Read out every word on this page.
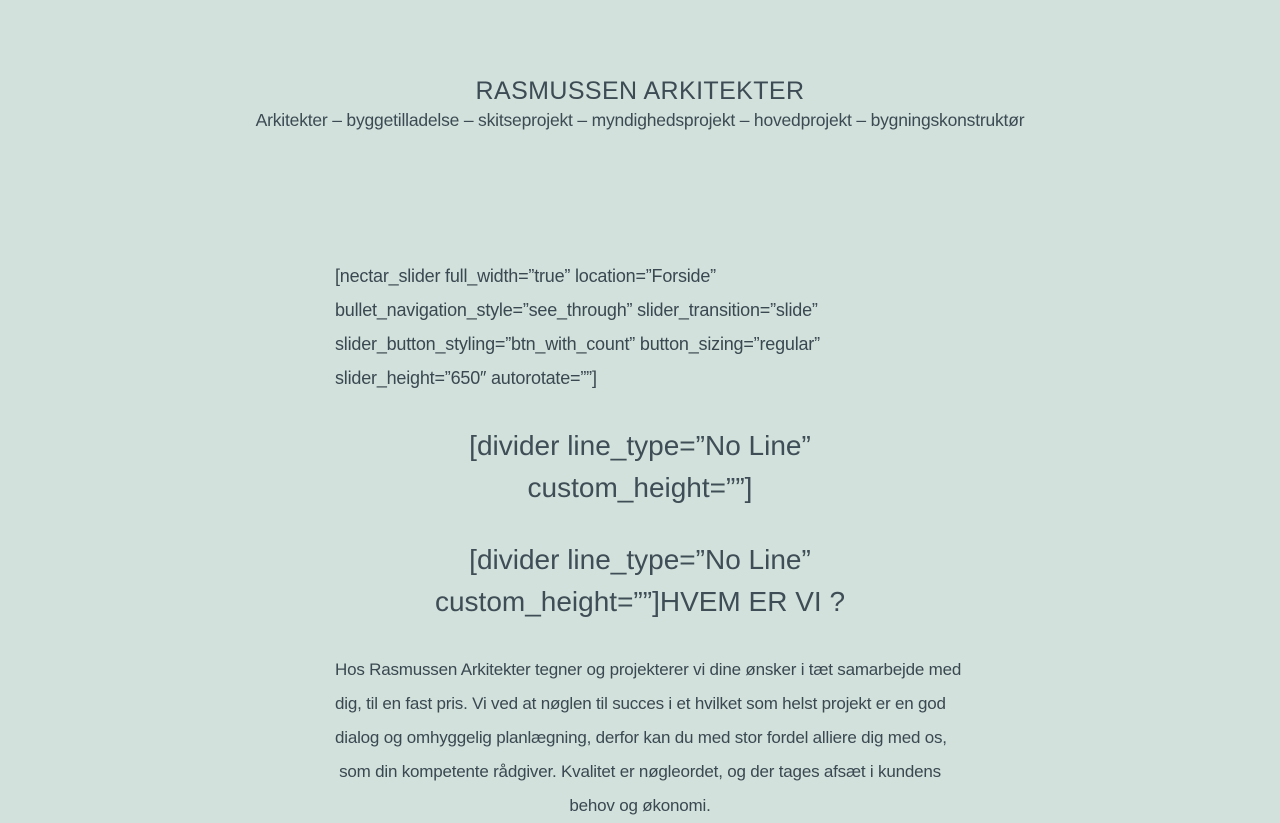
RASMUSSEN ARKITEKTER
Arkitekter – byggetilladelse – skitseprojekt – myndighedsprojekt – hovedprojekt – bygningskonstruktør
[nectar_slider full_width=”true” location=”Forside”
bullet_navigation_style=”see_through” slider_transition=”slide”
slider_button_styling=”btn_with_count” button_sizing=”regular”
slider_height=”650″ autorotate=””]
[divider line_type=”No Line”
custom_height=””]
[divider line_type=”No Line”
custom_height=””]HVEM ER VI ?
Hos Rasmussen Arkitekter tegner og projekterer vi dine ønsker i tæt samarbejde med
dig, til en fast pris. Vi ved at nøglen til succes i et hvilket som helst projekt er en god
dialog og omhyggelig planlægning, derfor kan du med stor fordel alliere dig med os,
som din kompetente rådgiver. Kvalitet er nøgleordet, og der tages afsæt i kundens
behov og økonomi.
